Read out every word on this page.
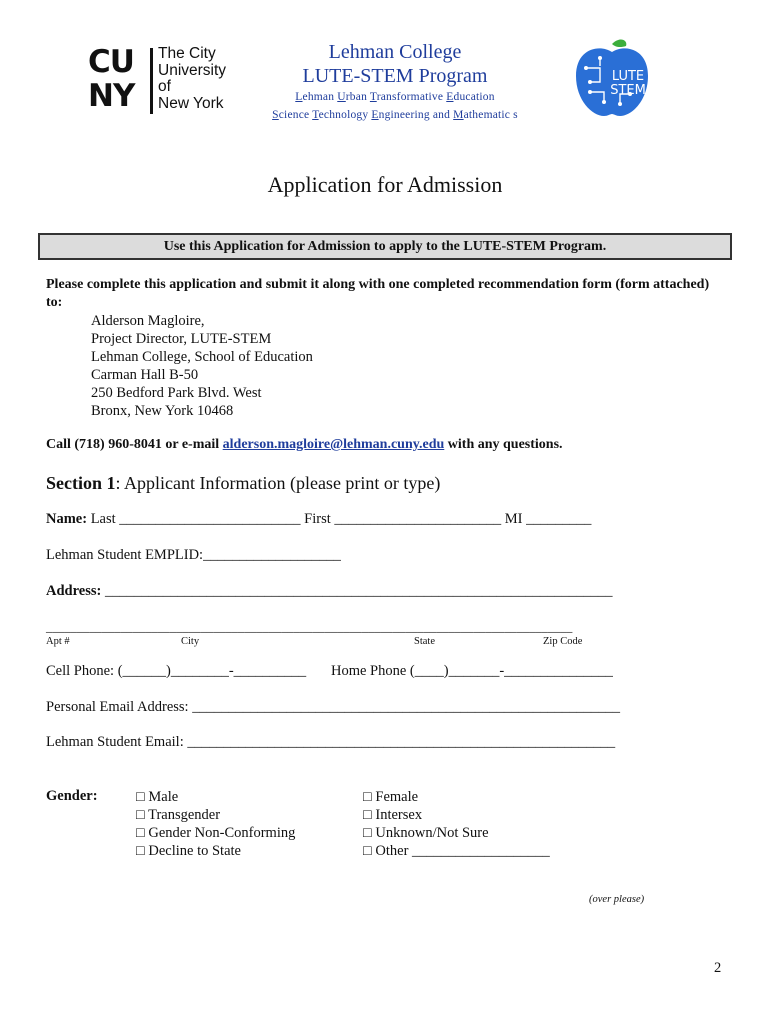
CU
NY
The City
University
of
New York
Lehman College
LUTE-STEM Program
Lehman Urban Transformative Education
Science Technology Engineering and Mathematic s
LUTE
STEM
Application for Admission
Use this Application for Admission to apply to the LUTE-STEM Program.
Please complete this application and submit it along with one completed recommendation form (form attached) to:
Alderson Magloire,
Project Director, LUTE-STEM
Lehman College, School of Education
Carman Hall B-50
250 Bedford Park Blvd. West
Bronx, New York 10468
Call (718) 960-8041 or e-mail alderson.magloire@lehman.cuny.edu with any questions.
Section 1: Applicant Information (please print or type)
Name: Last _________________________ First _______________________ MI _________
Lehman Student EMPLID:___________________
Address: ______________________________________________________________________
_____________________________________________________________________________________
Apt #	City	State	Zip Code
Cell Phone: (______)________-__________ Home Phone (____)_______-_______________
Personal Email Address: ___________________________________________________________
Lehman Student Email: ___________________________________________________________
Gender:	□ Male
□ Transgender
□ Gender Non-Conforming
□ Decline to State
□ Female
□ Intersex
□ Unknown/Not Sure
□ Other ___________________
(over please)
2
